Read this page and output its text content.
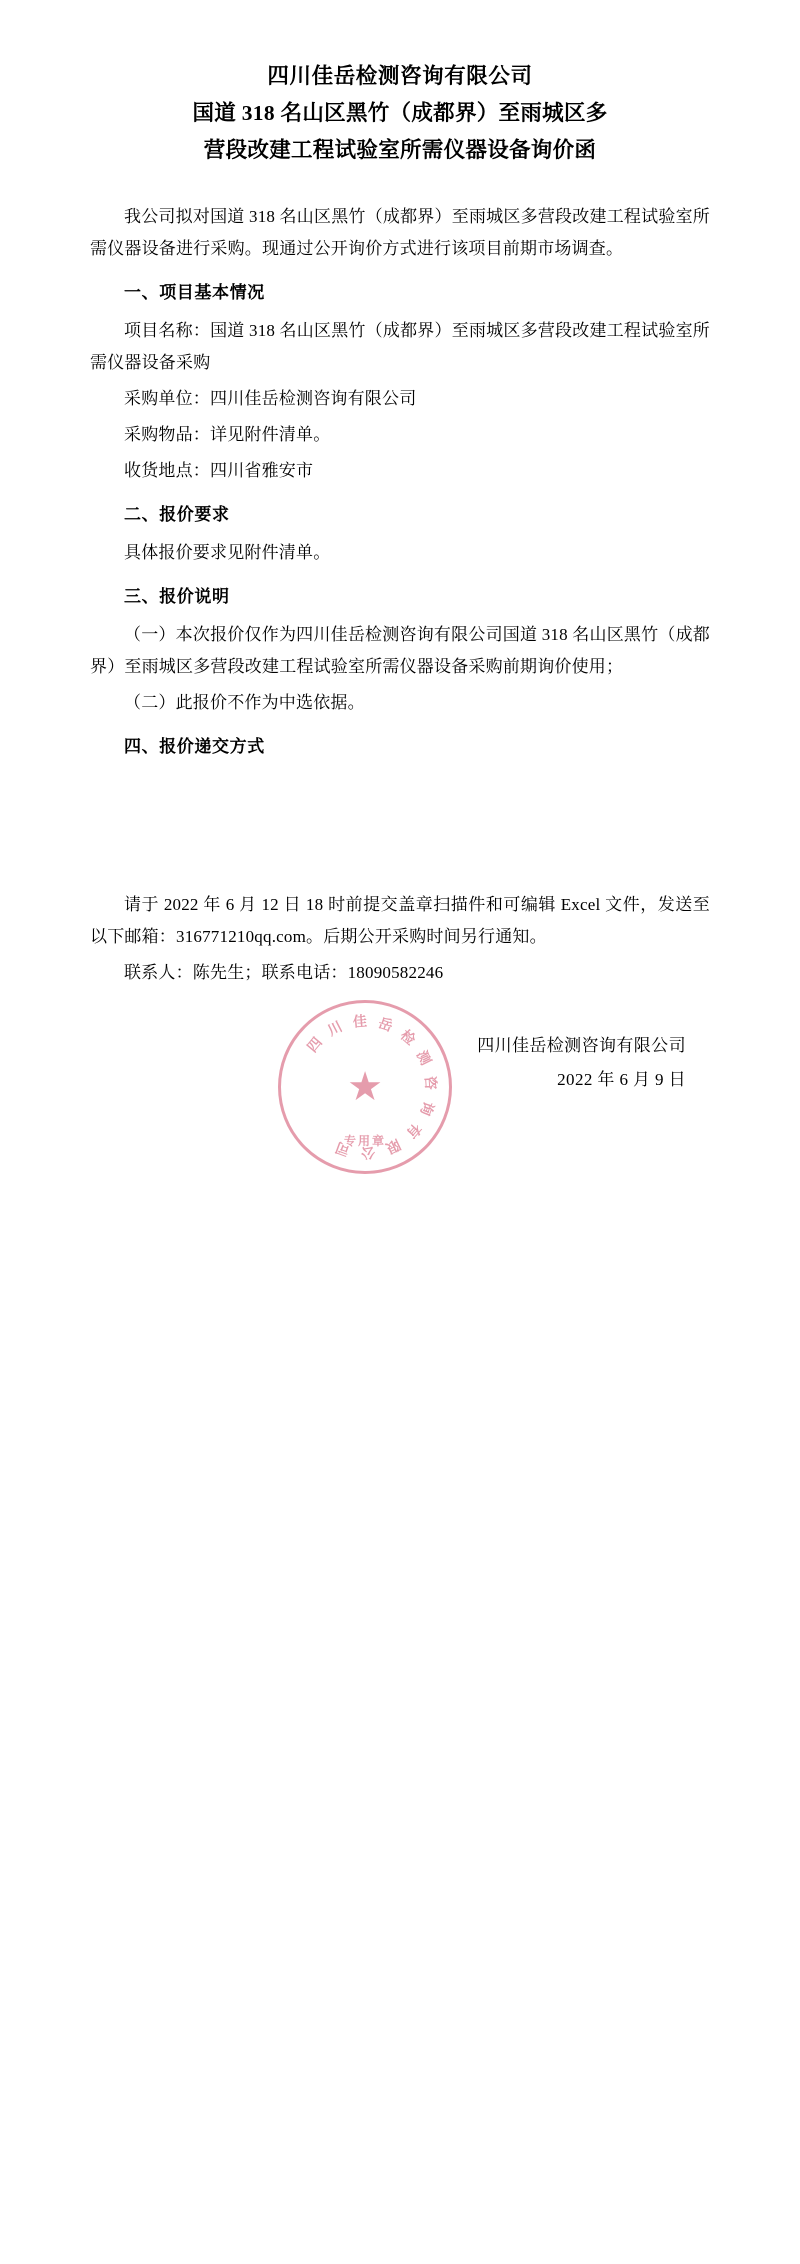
四川佳岳检测咨询有限公司
国道 318 名山区黑竹（成都界）至雨城区多
营段改建工程试验室所需仪器设备询价函

我公司拟对国道 318 名山区黑竹（成都界）至雨城区多营段改建工程试验室所需仪器设备进行采购。现通过公开询价方式进行该项目前期市场调查。

一、项目基本情况

项目名称：国道 318 名山区黑竹（成都界）至雨城区多营段改建工程试验室所需仪器设备采购

采购单位：四川佳岳检测咨询有限公司

采购物品：详见附件清单。

收货地点：四川省雅安市

二、报价要求

具体报价要求见附件清单。

三、报价说明

（一）本次报价仅作为四川佳岳检测咨询有限公司国道 318 名山区黑竹（成都界）至雨城区多营段改建工程试验室所需仪器设备采购前期询价使用；

（二）此报价不作为中选依据。

四、报价递交方式

请于 2022 年 6 月 12 日 18 时前提交盖章扫描件和可编辑 Excel 文件，发送至以下邮箱：316771210qq.com。后期公开采购时间另行通知。

联系人：陈先生；联系电话：18090582246

四川佳岳检测咨询有限公司
2022 年 6 月 9 日
四
川 佳 岳
检
测
咨
询
有
限
公
司
★
专用章
